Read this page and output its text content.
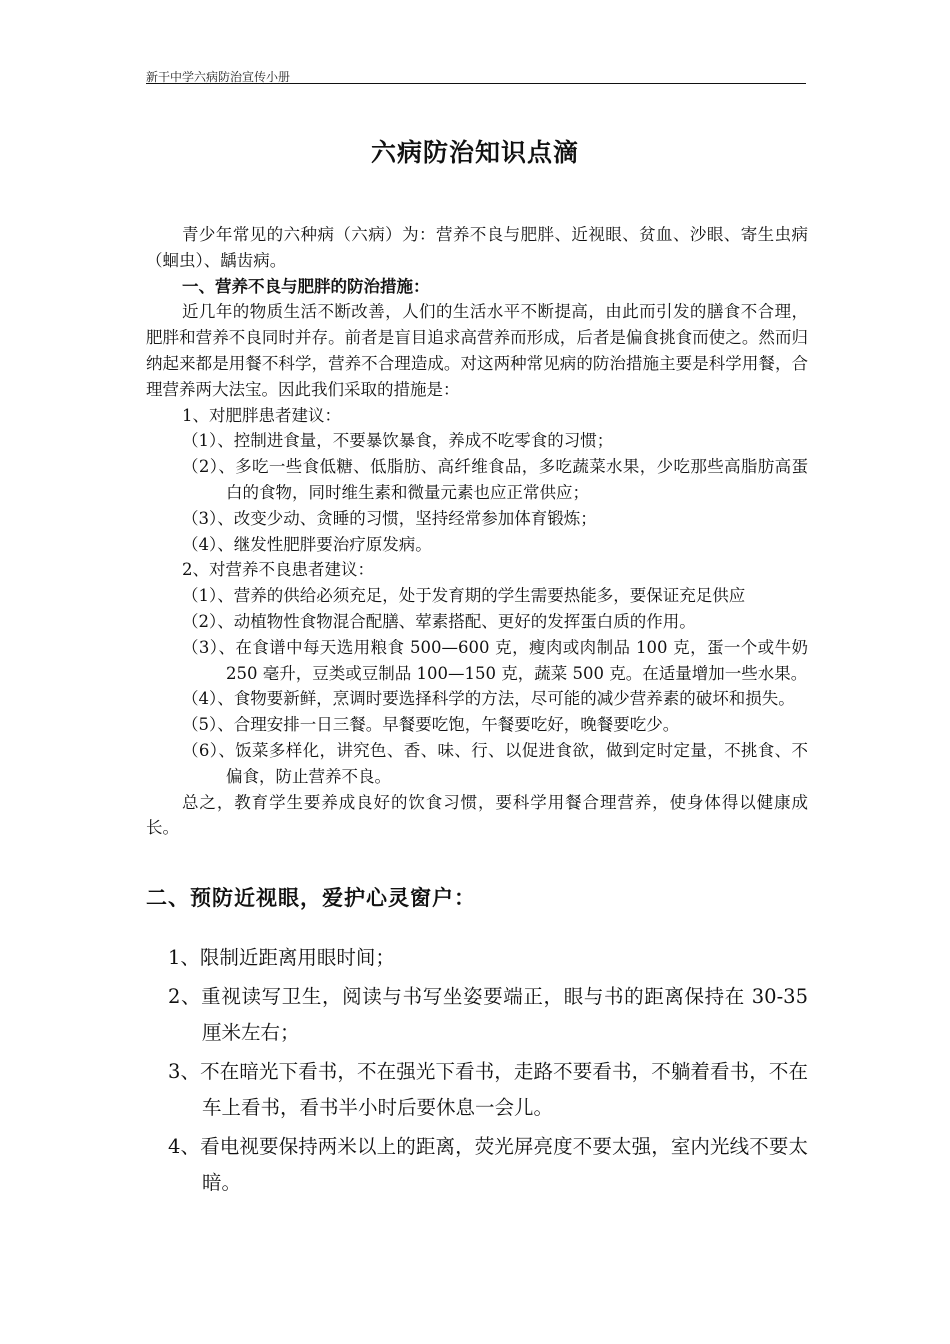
新干中学六病防治宣传小册
六病防治知识点滴

青少年常见的六种病（六病）为：营养不良与肥胖、近视眼、贫血、沙眼、寄生虫病（蛔虫）、龋齿病。

一、营养不良与肥胖的防治措施：

近几年的物质生活不断改善，人们的生活水平不断提高，由此而引发的膳食不合理，肥胖和营养不良同时并存。前者是盲目追求高营养而形成，后者是偏食挑食而使之。然而归纳起来都是用餐不科学，营养不合理造成。对这两种常见病的防治措施主要是科学用餐，合理营养两大法宝。因此我们采取的措施是：

1、对肥胖患者建议：

（1）、控制进食量，不要暴饮暴食，养成不吃零食的习惯；

（2）、多吃一些食低糖、低脂肪、高纤维食品，多吃蔬菜水果，少吃那些高脂肪高蛋白的食物，同时维生素和微量元素也应正常供应；

（3）、改变少动、贪睡的习惯，坚持经常参加体育锻炼；

（4）、继发性肥胖要治疗原发病。

2、对营养不良患者建议：

（1）、营养的供给必须充足，处于发育期的学生需要热能多，要保证充足供应

（2）、动植物性食物混合配膳、荤素搭配、更好的发挥蛋白质的作用。

（3）、在食谱中每天选用粮食 500—600 克，瘦肉或肉制品 100 克，蛋一个或牛奶 250 毫升，豆类或豆制品 100—150 克，蔬菜 500 克。在适量增加一些水果。

（4）、食物要新鲜，烹调时要选择科学的方法，尽可能的减少营养素的破坏和损失。

（5）、合理安排一日三餐。早餐要吃饱，午餐要吃好，晚餐要吃少。

（6）、饭菜多样化，讲究色、香、味、行、以促进食欲，做到定时定量，不挑食、不偏食，防止营养不良。

总之，教育学生要养成良好的饮食习惯，要科学用餐合理营养，使身体得以健康成长。

二、预防近视眼，爱护心灵窗户：

1、限制近距离用眼时间；

2、重视读写卫生，阅读与书写坐姿要端正，眼与书的距离保持在 30-35 厘米左右；

3、不在暗光下看书，不在强光下看书，走路不要看书，不躺着看书，不在车上看书，看书半小时后要休息一会儿。

4、看电视要保持两米以上的距离，荧光屏亮度不要太强，室内光线不要太暗。
